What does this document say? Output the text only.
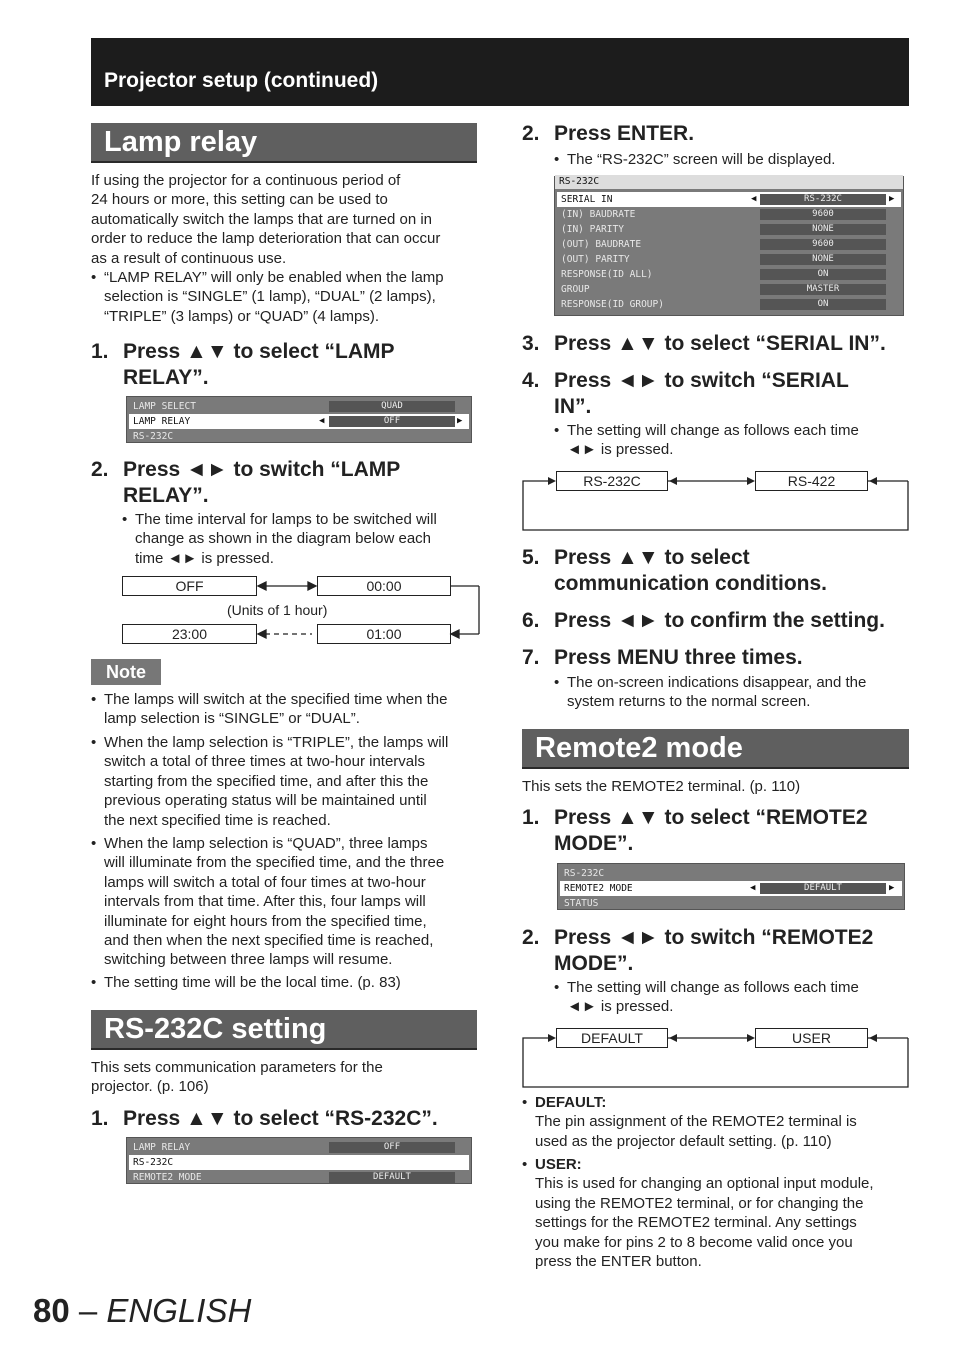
Projector setup (continued)
Lamp relay
If using the projector for a continuous period of
24 hours or more, this setting can be used to
automatically switch the lamps that are turned on in
order to reduce the lamp deterioration that can occur
as a result of continuous use.
• “LAMP RELAY” will only be enabled when the lamp
selection is “SINGLE” (1 lamp), “DUAL” (2 lamps),
“TRIPLE” (3 lamps) or “QUAD” (4 lamps).
1. Press ▲▼ to select “LAMP
RELAY”.
LAMP SELECT	QUAD
LAMP RELAY	◀	OFF	▶
RS-232C
2. Press ◄► to switch “LAMP
RELAY”.
• The time interval for lamps to be switched will
change as shown in the diagram below each
time ◄► is pressed.
OFF	00:00
23:00	01:00
(Units of 1 hour)
Note
• The lamps will switch at the specified time when the
lamp selection is “SINGLE” or “DUAL”.
• When the lamp selection is “TRIPLE”, the lamps will
switch a total of three times at two-hour intervals
starting from the specified time, and after this the
previous operating status will be maintained until
the next specified time is reached.
• When the lamp selection is “QUAD”, three lamps
will illuminate from the specified time, and the three
lamps will switch a total of four times at two-hour
intervals from that time. After this, four lamps will
illuminate for eight hours from the specified time,
and then when the next specified time is reached,
switching between three lamps will resume.
• The setting time will be the local time. (p. 83)
RS-232C setting
This sets communication parameters for the
projector. (p. 106)
1. Press ▲▼ to select “RS-232C”.
LAMP RELAY	OFF
RS-232C
REMOTE2 MODE	DEFAULT
2. Press ENTER.
• The “RS-232C” screen will be displayed.
RS-232C
SERIAL IN	◀	RS-232C	▶
(IN) BAUDRATE	9600
(IN) PARITY	NONE
(OUT) BAUDRATE	9600
(OUT) PARITY	NONE
RESPONSE(ID ALL)	ON
GROUP	MASTER
RESPONSE(ID GROUP)	ON
3. Press ▲▼ to select “SERIAL IN”.
4. Press ◄► to switch “SERIAL
IN”.
• The setting will change as follows each time
◄► is pressed.
RS-232C	RS-422
5. Press ▲▼ to select
communication conditions.
6. Press ◄► to confirm the setting.
7. Press MENU three times.
• The on-screen indications disappear, and the
system returns to the normal screen.
Remote2 mode
This sets the REMOTE2 terminal. (p. 110)
1. Press ▲▼ to select “REMOTE2
MODE”.
RS-232C
REMOTE2 MODE	◀	DEFAULT	▶
STATUS
2. Press ◄► to switch “REMOTE2
MODE”.
• The setting will change as follows each time
◄► is pressed.
DEFAULT	USER
• DEFAULT:
The pin assignment of the REMOTE2 terminal is
used as the projector default setting. (p. 110)
• USER:
This is used for changing an optional input module,
using the REMOTE2 terminal, or for changing the
settings for the REMOTE2 terminal. Any settings
you make for pins 2 to 8 become valid once you
press the ENTER button.
80 – ENGLISH
